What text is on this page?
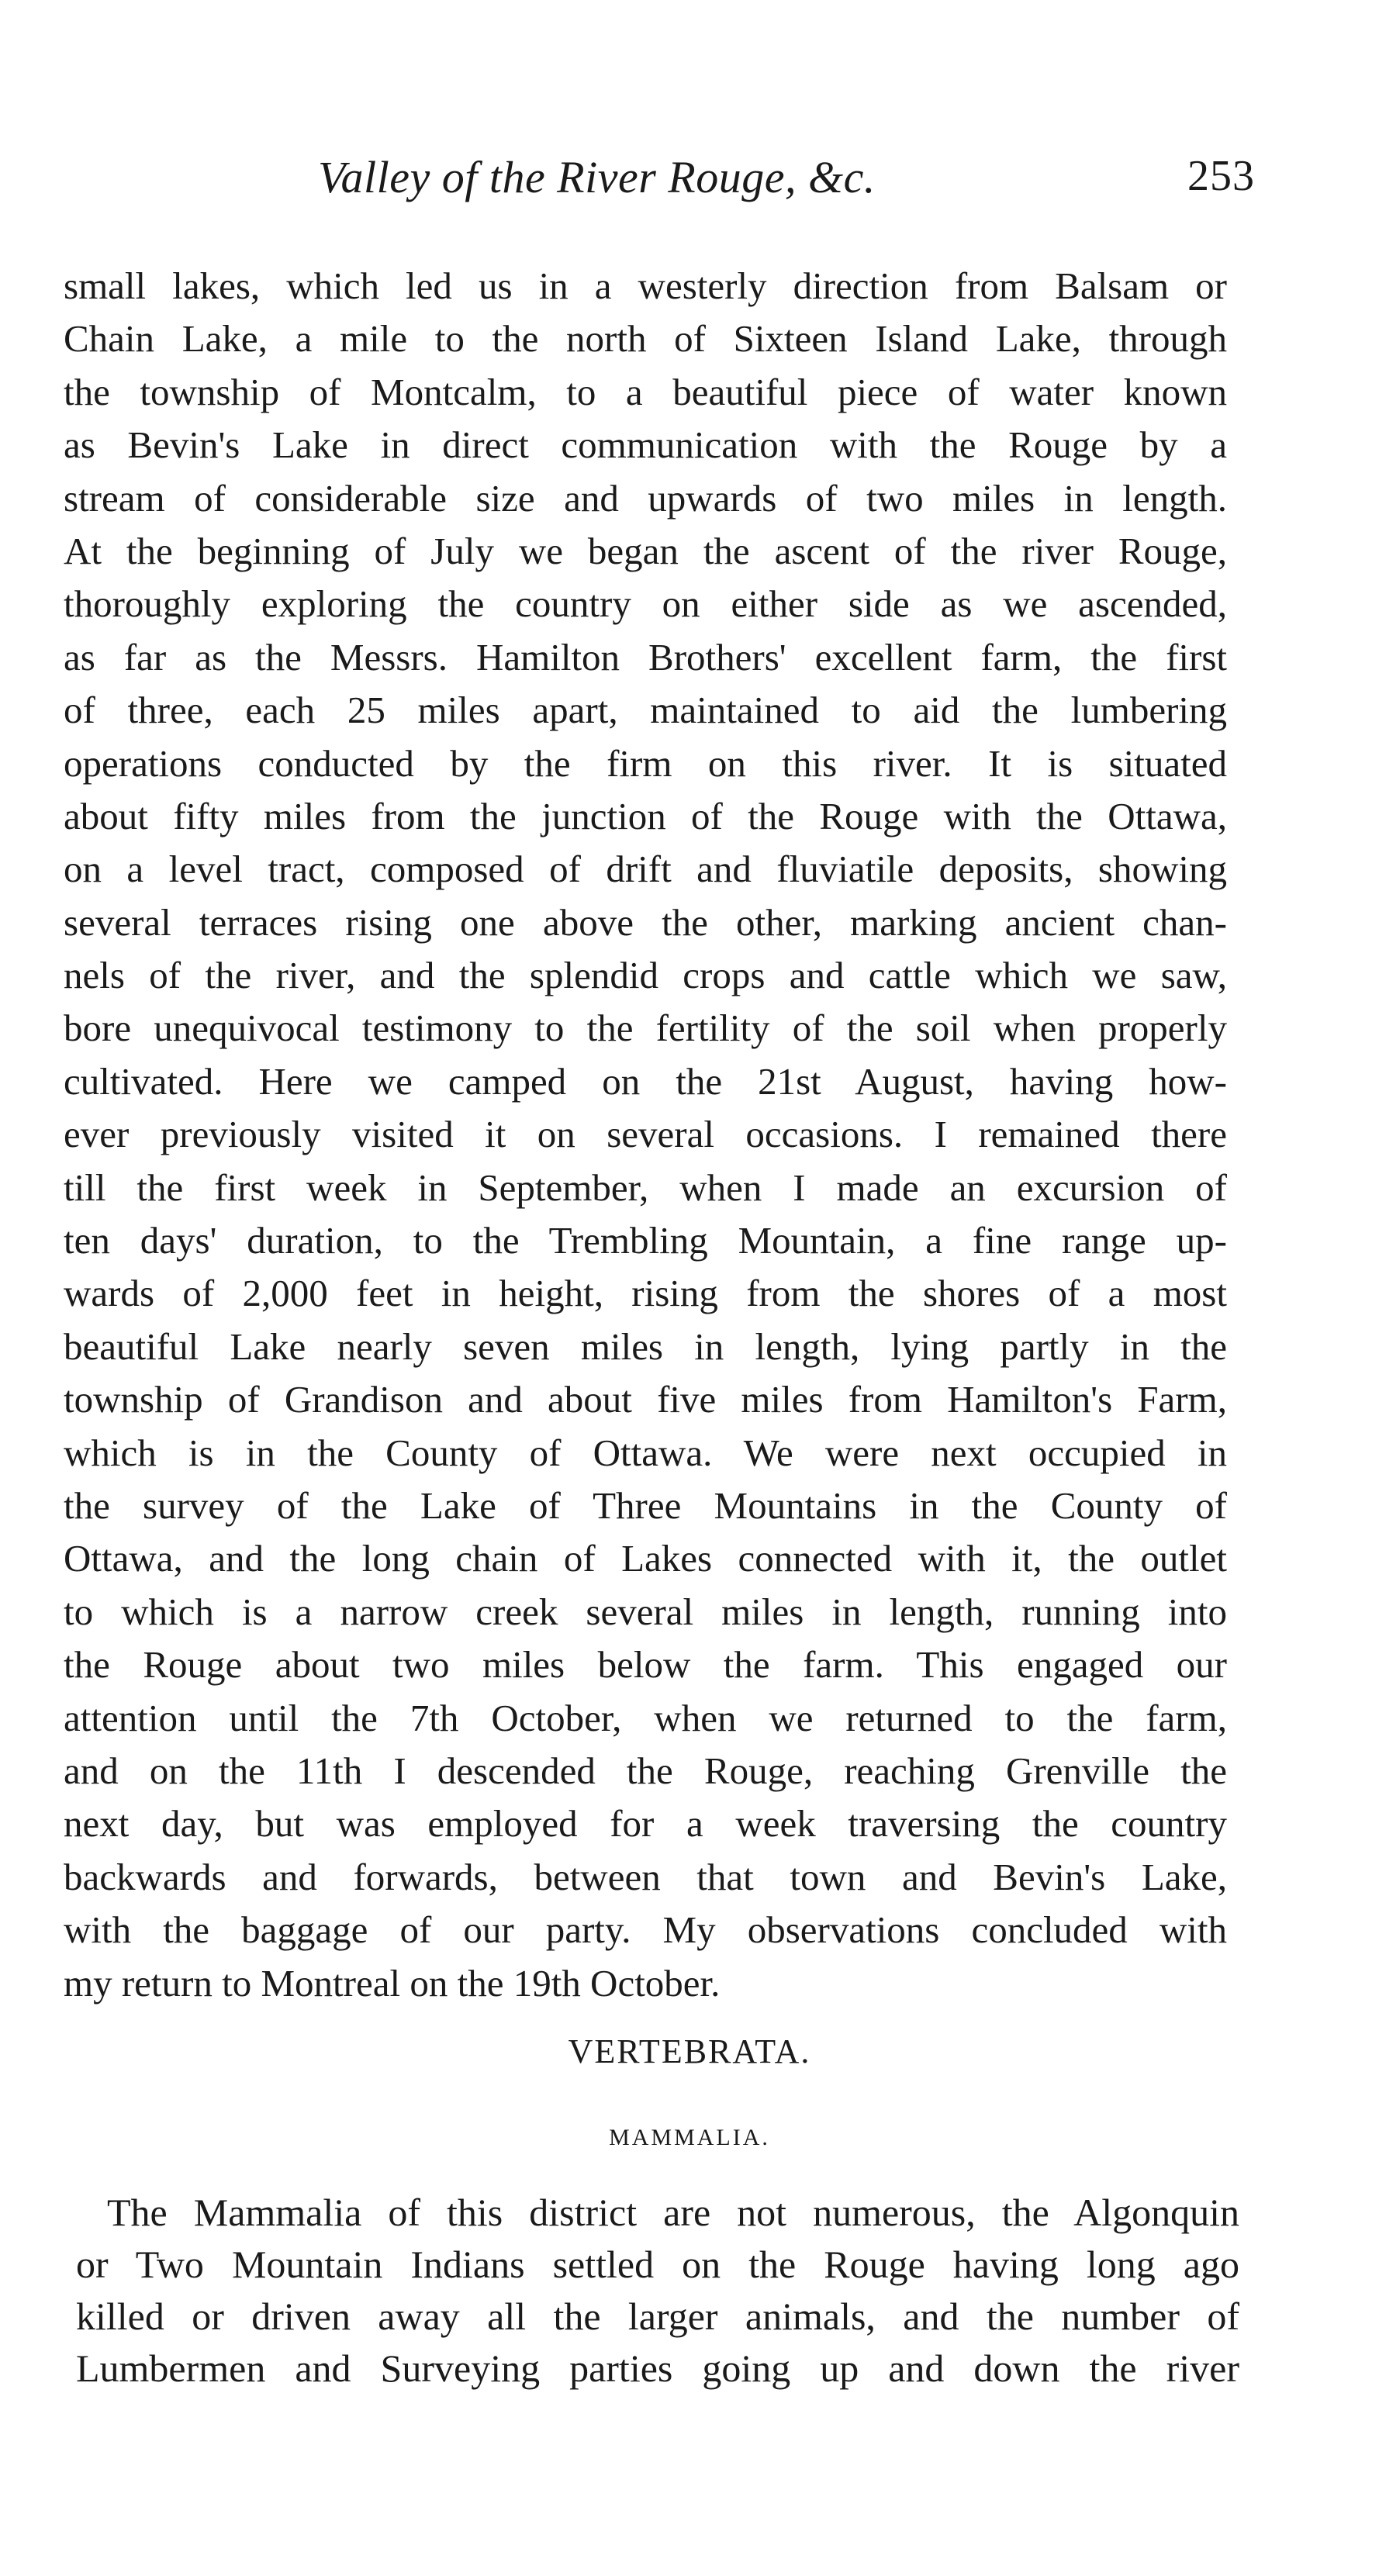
Valley of the River Rouge, &c.	253
small lakes, which led us in a westerly direction from Balsam or
Chain Lake, a mile to the north of Sixteen Island Lake, through
the township of Montcalm, to a beautiful piece of water known
as Bevin's Lake in direct communication with the Rouge by a
stream of considerable size and upwards of two miles in length.
At the beginning of July we began the ascent of the river Rouge,
thoroughly exploring the country on either side as we ascended,
as far as the Messrs. Hamilton Brothers' excellent farm, the first
of three, each 25 miles apart, maintained to aid the lumbering
operations conducted by the firm on this river. It is situated
about fifty miles from the junction of the Rouge with the Ottawa,
on a level tract, composed of drift and fluviatile deposits, showing
several terraces rising one above the other, marking ancient chan-
nels of the river, and the splendid crops and cattle which we saw,
bore unequivocal testimony to the fertility of the soil when properly
cultivated. Here we camped on the 21st August, having how-
ever previously visited it on several occasions. I remained there
till the first week in September, when I made an excursion of
ten days' duration, to the Trembling Mountain, a fine range up-
wards of 2,000 feet in height, rising from the shores of a most
beautiful Lake nearly seven miles in length, lying partly in the
township of Grandison and about five miles from Hamilton's Farm,
which is in the County of Ottawa. We were next occupied in
the survey of the Lake of Three Mountains in the County of
Ottawa, and the long chain of Lakes connected with it, the outlet
to which is a narrow creek several miles in length, running into
the Rouge about two miles below the farm. This engaged our
attention until the 7th October, when we returned to the farm,
and on the 11th I descended the Rouge, reaching Grenville the
next day, but was employed for a week traversing the country
backwards and forwards, between that town and Bevin's Lake,
with the baggage of our party. My observations concluded with
my return to Montreal on the 19th October.
VERTEBRATA.
MAMMALIA.
The Mammalia of this district are not numerous, the Algonquin
or Two Mountain Indians settled on the Rouge having long ago
killed or driven away all the larger animals, and the number of
Lumbermen and Surveying parties going up and down the river
